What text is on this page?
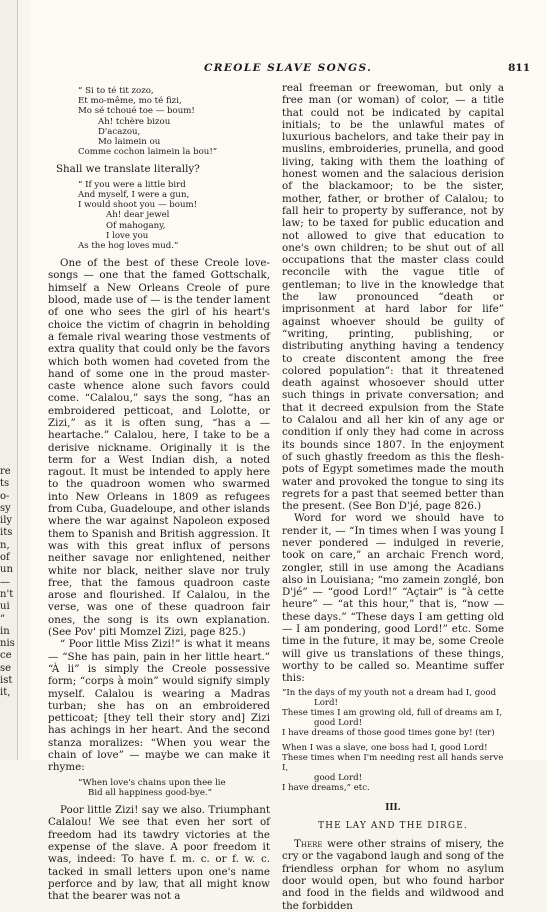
re
ts
o-
sy
ily
its
n,
of
un
—
n't
ui
”
in
nis
ce
se
ist
it,
CREOLE SLAVE SONGS.	811
“ Si to té tit zozo,
Et mo-même, mo té fizi,
Mo sé tchoué toe — boum!
Ah! tchère bizou
D'acazou,
Mo laimein ou
Comme cochon laimein la bou!”

Shall we translate literally?

“ If you were a little bird
And myself, I were a gun,
I would shoot you — boum!
Ah! dear jewel
Of mahogany,
I love you
As the hog loves mud.”

One of the best of these Creole love-songs — one that the famed Gottschalk, himself a New Orleans Creole of pure blood, made use of — is the tender lament of one who sees the girl of his heart's choice the victim of chagrin in beholding a female rival wearing those vestments of extra quality that could only be the favors which both women had coveted from the hand of some one in the proud master-caste whence alone such favors could come. “Calalou,” says the song, “has an embroidered petticoat, and Lolotte, or Zizi,” as it is often sung, “has a — heartache.” Calalou, here, I take to be a derisive nickname. Originally it is the term for a West Indian dish, a noted ragout. It must be intended to apply here to the quadroon women who swarmed into New Orleans in 1809 as refugees from Cuba, Guadeloupe, and other islands where the war against Napoleon exposed them to Spanish and British aggression. It was with this great influx of persons neither savage nor enlightened, neither white nor black, neither slave nor truly free, that the famous quadroon caste arose and flourished. If Calalou, in the verse, was one of these quadroon fair ones, the song is its own explanation. (See Pov' piti Momzel Zizi, page 825.)

“ Poor little Miss Zizi!” is what it means — “She has pain, pain in her little heart.” “À li” is simply the Creole possessive form; “corps à moin” would signify simply myself. Calalou is wearing a Madras turban; she has on an embroidered petticoat; [they tell their story and] Zizi has achings in her heart. And the second stanza moralizes: “When you wear the chain of love” — maybe we can make it rhyme:

“When love's chains upon thee lie
Bid all happiness good-bye.”

Poor little Zizi! say we also. Triumphant Calalou! We see that even her sort of freedom had its tawdry victories at the expense of the slave. A poor freedom it was, indeed: To have f. m. c. or f. w. c. tacked in small letters upon one's name perforce and by law, that all might know that the bearer was not a

real freeman or freewoman, but only a free man (or woman) of color, — a title that could not be indicated by capital initials; to be the unlawful mates of luxurious bachelors, and take their pay in muslins, embroideries, prunella, and good living, taking with them the loathing of honest women and the salacious derision of the blackamoor; to be the sister, mother, father, or brother of Calalou; to fall heir to property by sufferance, not by law; to be taxed for public education and not allowed to give that education to one's own children; to be shut out of all occupations that the master class could reconcile with the vague title of gentleman; to live in the knowledge that the law pronounced “death or imprisonment at hard labor for life” against whoever should be guilty of “writing, printing, publishing, or distributing anything having a tendency to create discontent among the free colored population”: that it threatened death against whosoever should utter such things in private conversation; and that it decreed expulsion from the State to Calalou and all her kin of any age or condition if only they had come in across its bounds since 1807. In the enjoyment of such ghastly freedom as this the flesh-pots of Egypt sometimes made the mouth water and provoked the tongue to sing its regrets for a past that seemed better than the present. (See Bon D'jé, page 826.)

Word for word we should have to render it, — “In times when I was young I never pondered — indulged in reverie, took on care,” an archaic French word, zongler, still in use among the Acadians also in Louisiana; “mo zamein zonglé, bon D'jé” — “good Lord!” “Açtair” is “à cette heure” — “at this hour,” that is, “now — these days.” “These days I am getting old — I am pondering, good Lord!” etc. Some time in the future, it may be, some Creole will give us translations of these things, worthy to be called so. Meantime suffer this:

“In the days of my youth not a dream had I, good
Lord!
These times I am growing old, full of dreams am I,
good Lord!
I have dreams of those good times gone by! (ter)
When I was a slave, one boss had I, good Lord!
These times when I'm needing rest all hands serve I,
good Lord!
I have dreams,” etc.
III.
THE LAY AND THE DIRGE.

There were other strains of misery, the cry or the vagabond laugh and song of the friendless orphan for whom no asylum door would open, but who found harbor and food in the fields and wildwood and the forbidden
